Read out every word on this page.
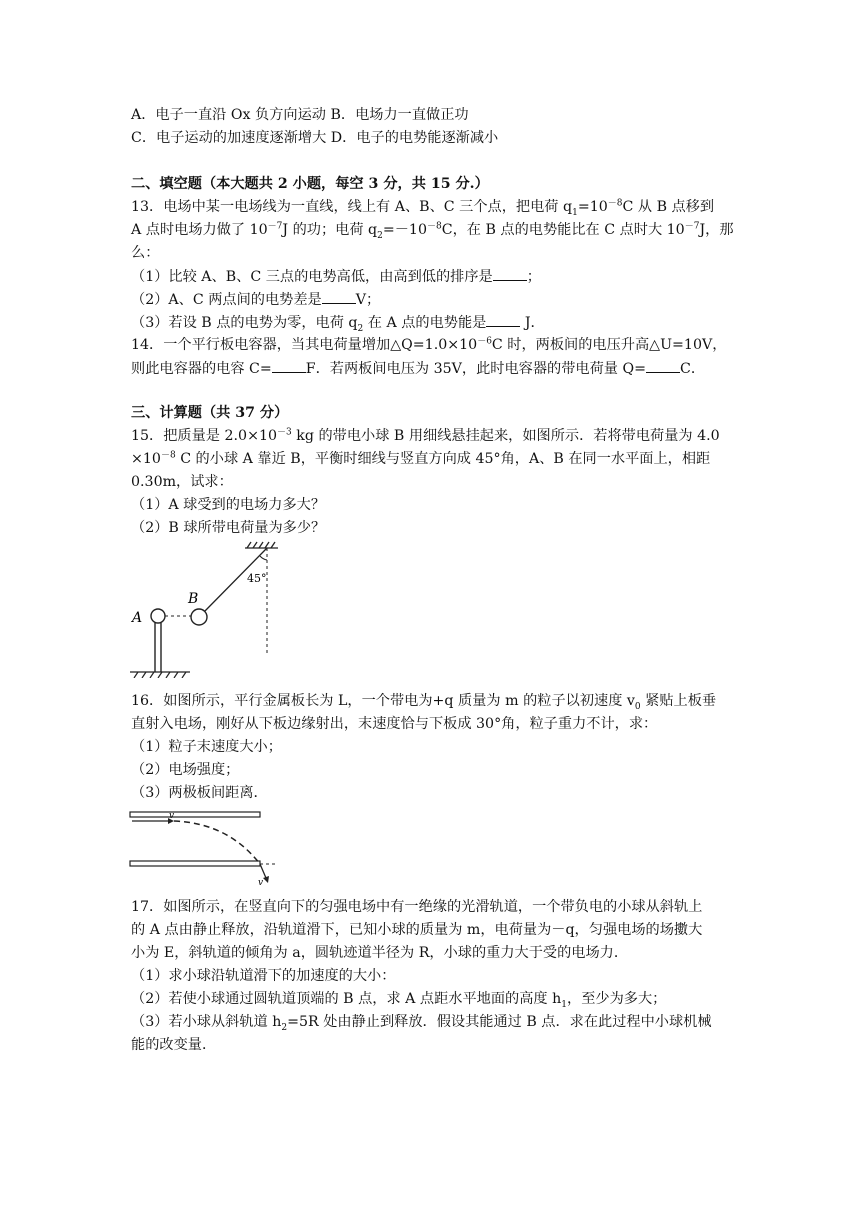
A．电子一直沿 Ox 负方向运动 B．电场力一直做正功
C．电子运动的加速度逐渐增大 D．电子的电势能逐渐减小
二、填空题（本大题共 2 小题，每空 3 分，共 15 分.）
13．电场中某一电场线为一直线，线上有 A、B、C 三个点，把电荷 $q_1=10^{-8}C$ 从 B 点移到
A 点时电场力做了 $10^{-7}J$ 的功；电荷 $q_2=-10^{-8}C$，在 B 点的电势能比在 C 点时大 $10^{-7}J$，那
么：
（1）比较 A、B、C 三点的电势高低，由高到低的排序是 ；
（2）A、C 两点间的电势差是 V；
（3）若设 B 点的电势为零，电荷 $q_2$ 在 A 点的电势能是 J．
14．一个平行板电容器，当其电荷量增加$\triangle Q=1.0\times 10^{-6}C$ 时，两板间的电压升高△U=10V，
则此电容器的电容 C= F．若两板间电压为 35V，此时电容器的带电荷量 Q= C．
三、计算题（共 37 分）
15．把质量是 $2.0\times 10^{-3}$ kg 的带电小球 B 用细线悬挂起来，如图所示．若将带电荷量为 4.0
$\times 10^{-8}$ C 的小球 A 靠近 B，平衡时细线与竖直方向成 45°角，A、B 在同一水平面上，相距
0.30m，试求：
（1）A 球受到的电场力多大？
（2）B 球所带电荷量为多少？
A
B
45°
16．如图所示，平行金属板长为 L，一个带电为+q 质量为 m 的粒子以初速度 $v_0$ 紧贴上板垂
直射入电场，刚好从下板边缘射出，末速度恰与下板成 30°角，粒子重力不计，求：
（1）粒子末速度大小；
（2）电场强度；
（3）两极板间距离．
v
v
17．如图所示，在竖直向下的匀强电场中有一绝缘的光滑轨道，一个带负电的小球从斜轨上
的 A 点由静止释放，沿轨道滑下，已知小球的质量为 m，电荷量为－q，匀强电场的场擻大
小为 E，斜轨道的倾角为 a，圆轨迹道半径为 R，小球的重力大于受的电场力．
（1）求小球沿轨道滑下的加速度的大小：
（2）若使小球通过圆轨道顶端的 B 点，求 A 点距水平地面的高度 $h_1$，至少为多大；
（3）若小球从斜轨道 $h_2=5R$ 处由静止到释放．假设其能通过 B 点．求在此过程中小球机械
能的改变量．
